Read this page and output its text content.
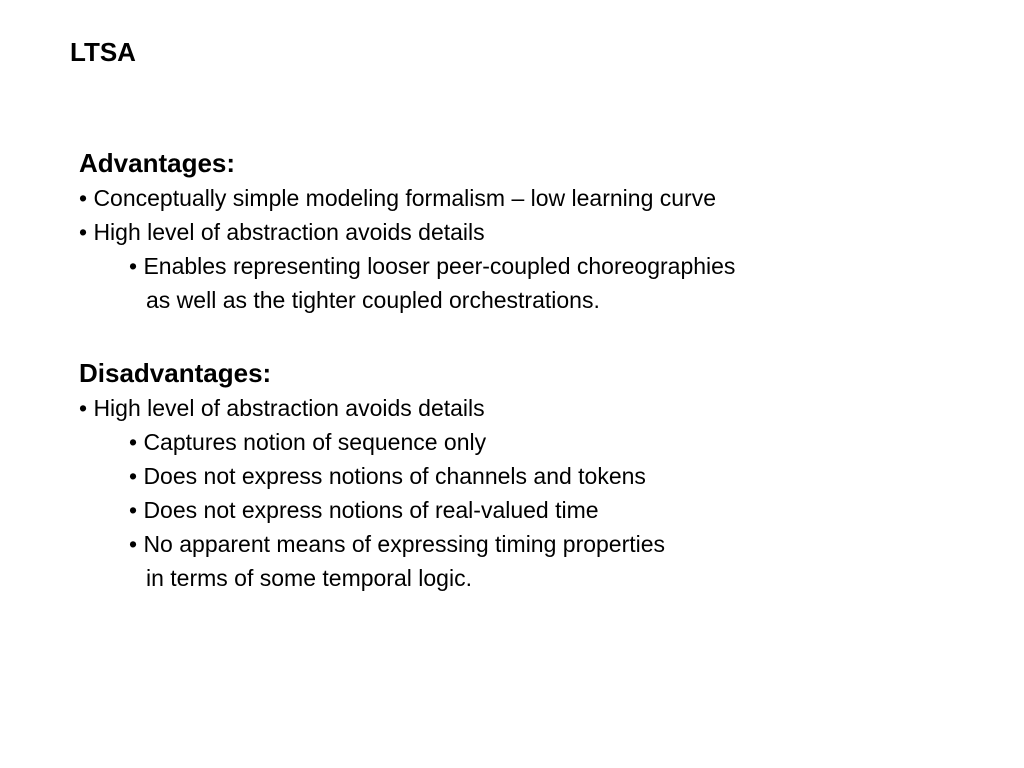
LTSA
Advantages:
• Conceptually simple modeling formalism – low learning curve
• High level of abstraction avoids details
• Enables representing looser peer-coupled choreographies
as well as the tighter coupled orchestrations.
Disadvantages:
• High level of abstraction avoids details
• Captures notion of sequence only
• Does not express notions of channels and tokens
• Does not express notions of real-valued time
• No apparent means of expressing timing properties
in terms of some temporal logic.
